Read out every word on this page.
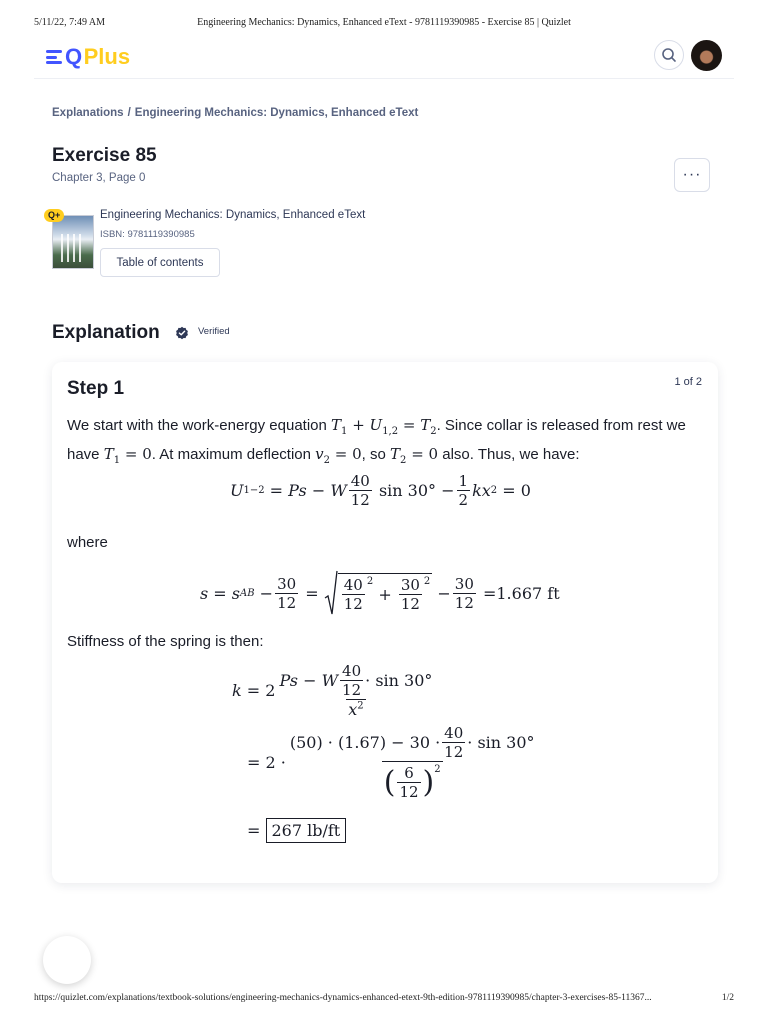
5/11/22, 7:49 AM	Engineering Mechanics: Dynamics, Enhanced eText - 9781119390985 - Exercise 85 | Quizlet
Q Plus
Explanations / Engineering Mechanics: Dynamics, Enhanced eText
Exercise 85
Chapter 3, Page 0	···
Q+	Engineering Mechanics: Dynamics, Enhanced eText
ISBN: 9781119390985
Table of contents
Explanation	Verified
Step 1	1 of 2
We start with the work-energy equation $T_1 + U_{1,2} = T_2$. Since collar is released from rest we have $T_1 = 0$. At maximum deflection $v_2 = 0$, so $T_2 = 0$ also. Thus, we have:
U 1−2 = Ps − W $\frac{40}{12}$ $\sin 30^\circ - \frac{1}{2}$ kx 2 = 0
where
s = s AB − $\frac{30}{12} = \frac{40}{12}^2$
+ $\frac{30}{12}^2$
− $\frac{30}{12} = 1.667$ ft
Stiffness of the spring is then:
$k = 2 \frac{Ps - W \frac{40}{12} \cdot \sin 30^\circ}{x^2}$
= $2 \cdot \frac{(50) \cdot (1.67) - 30 \cdot \frac{40}{12} \cdot \sin 30^\circ}{( \frac{6}{12} )^2}$
= 267 lb/ft
https://quizlet.com/explanations/textbook-solutions/engineering-mechanics-dynamics-enhanced-etext-9th-edition-9781119390985/chapter-3-exercises-85-11367...	1/2
